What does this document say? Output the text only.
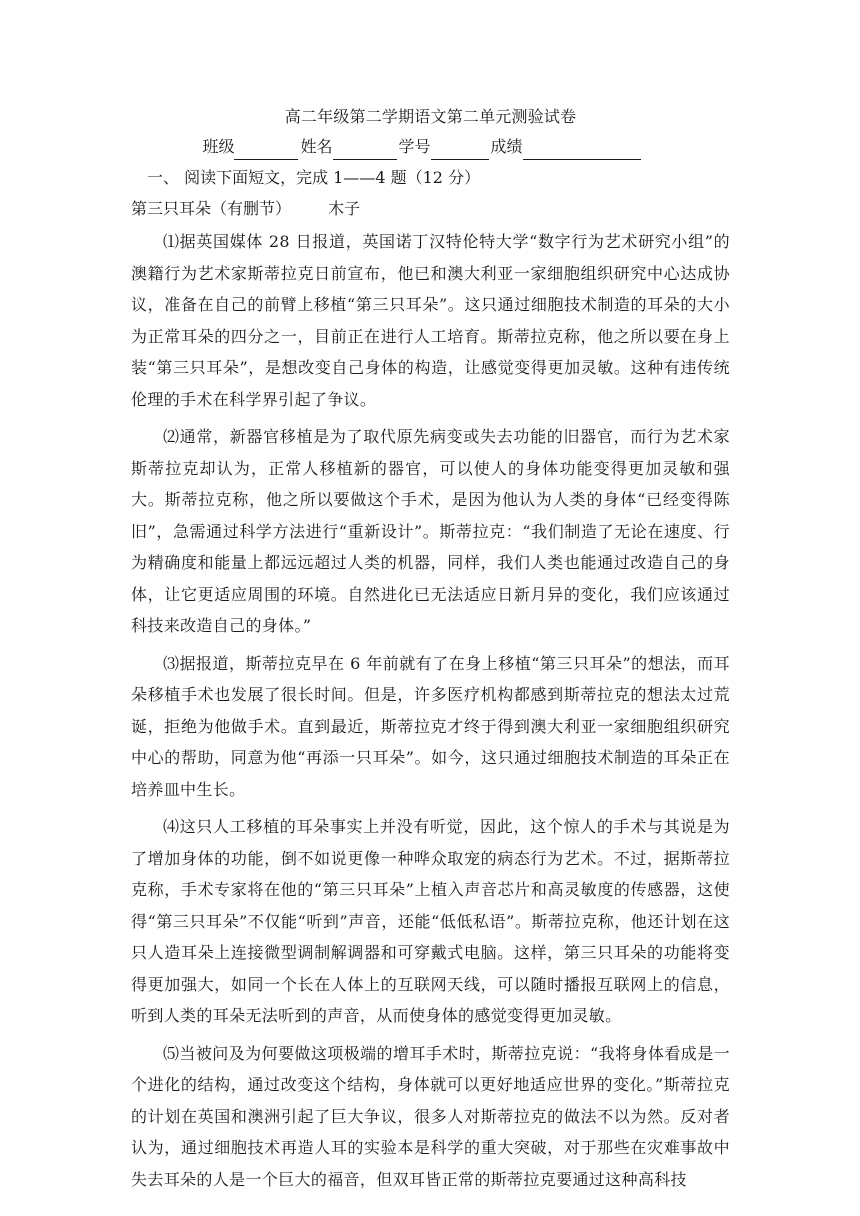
高二年级第二学期语文第二单元测验试卷

班级	姓名	学号	成绩

一、 阅读下面短文，完成 1——4 题（12 分）

第三只耳朵（有删节） 木子

⑴据英国媒体 28 日报道，英国诺丁汉特伦特大学“数字行为艺术研究小组”的澳籍行为艺术家斯蒂拉克日前宣布，他已和澳大利亚一家细胞组织研究中心达成协议，准备在自己的前臂上移植“第三只耳朵”。这只通过细胞技术制造的耳朵的大小为正常耳朵的四分之一，目前正在进行人工培育。斯蒂拉克称，他之所以要在身上装“第三只耳朵”，是想改变自己身体的构造，让感觉变得更加灵敏。这种有违传统伦理的手术在科学界引起了争议。

⑵通常，新器官移植是为了取代原先病变或失去功能的旧器官，而行为艺术家斯蒂拉克却认为，正常人移植新的器官，可以使人的身体功能变得更加灵敏和强大。斯蒂拉克称，他之所以要做这个手术，是因为他认为人类的身体“已经变得陈旧”，急需通过科学方法进行“重新设计”。斯蒂拉克：“我们制造了无论在速度、行为精确度和能量上都远远超过人类的机器，同样，我们人类也能通过改造自己的身体，让它更适应周围的环境。自然进化已无法适应日新月异的变化，我们应该通过科技来改造自己的身体。”

⑶据报道，斯蒂拉克早在 6 年前就有了在身上移植“第三只耳朵”的想法，而耳朵移植手术也发展了很长时间。但是，许多医疗机构都感到斯蒂拉克的想法太过荒诞，拒绝为他做手术。直到最近，斯蒂拉克才终于得到澳大利亚一家细胞组织研究中心的帮助，同意为他“再添一只耳朵”。如今，这只通过细胞技术制造的耳朵正在培养皿中生长。

⑷这只人工移植的耳朵事实上并没有听觉，因此，这个惊人的手术与其说是为了增加身体的功能，倒不如说更像一种哗众取宠的病态行为艺术。不过，据斯蒂拉克称，手术专家将在他的“第三只耳朵”上植入声音芯片和高灵敏度的传感器，这使得“第三只耳朵”不仅能“听到”声音，还能“低低私语”。斯蒂拉克称，他还计划在这只人造耳朵上连接微型调制解调器和可穿戴式电脑。这样，第三只耳朵的功能将变得更加强大，如同一个长在人体上的互联网天线，可以随时播报互联网上的信息，听到人类的耳朵无法听到的声音，从而使身体的感觉变得更加灵敏。

⑸当被问及为何要做这项极端的增耳手术时，斯蒂拉克说：“我将身体看成是一个进化的结构，通过改变这个结构，身体就可以更好地适应世界的变化。”斯蒂拉克的计划在英国和澳洲引起了巨大争议，很多人对斯蒂拉克的做法不以为然。反对者认为，通过细胞技术再造人耳的实验本是科学的重大突破，对于那些在灾难事故中失去耳朵的人是一个巨大的福音，但双耳皆正常的斯蒂拉克要通过这种高科技
